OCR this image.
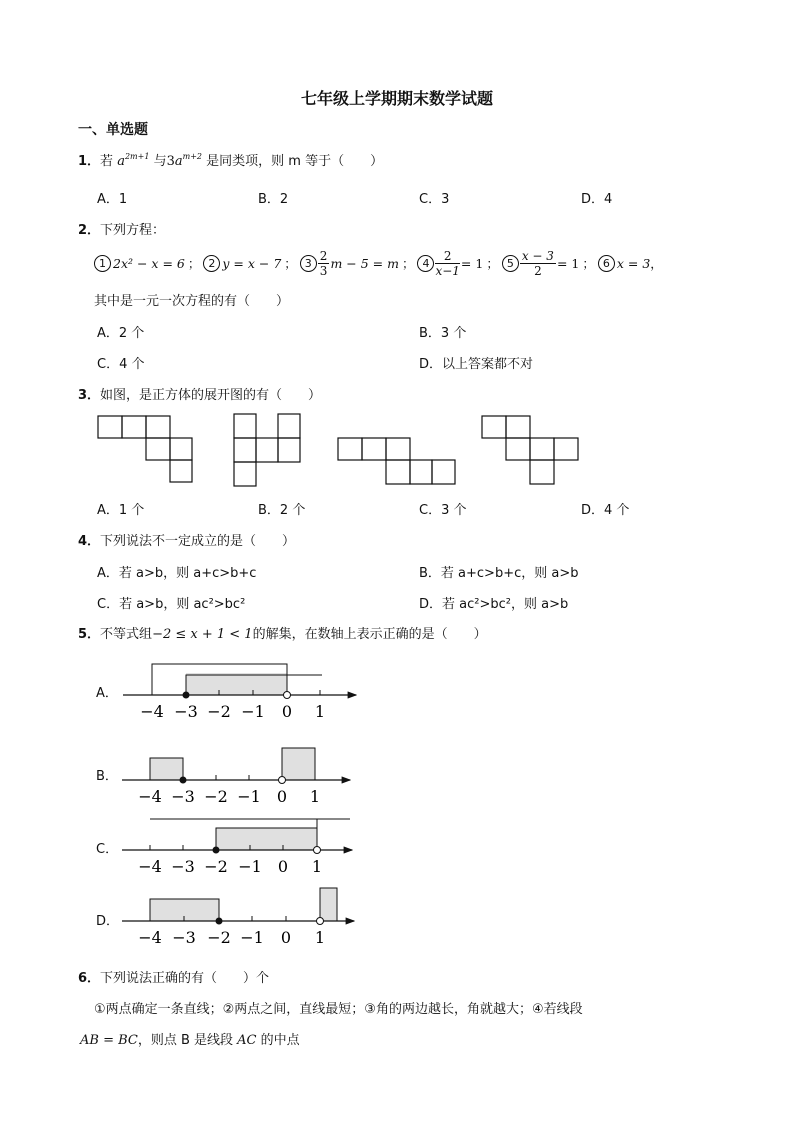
七年级上学期期末数学试题
一、单选题
1．若 $a^{2m+1}$ 与$3a^{m+2}$ 是同类项，则 m 等于（　　）
A．1	B．2	C．3	D．4
2．下列方程：
1 2x² − x = 6 ； 2 y = x − 7 ； $3 \frac{2}{3}$ m − 5 = m ； $4 \frac{2}{x-1} = 1$ ； $5 \frac{x - 3}{2} = 1$ ； 6 x = 3 ，
其中是一元一次方程的有（　　）
A．2 个	B．3 个
C．4 个	D．以上答案都不对
3．如图，是正方体的展开图的有（　　）
A．1 个	B．2 个	C．3 个	D．4 个
4．下列说法不一定成立的是（　　）
A．若 a>b，则 a+c>b+c	B．若 a+c>b+c，则 a>b
C．若 a>b，则 ac²>bc²	D．若 ac²>bc²，则 a>b
5．不等式组−2 ≤ x + 1 < 1的解集，在数轴上表示正确的是（　　）
A．
B．
C．
D．
−4 −3 −2 −1 0 1
−4 −3 −2 −1 0 1
−4 −3 −2 −1 0 1
−4 −3 −2 −1 0 1
6．下列说法正确的有（　　）个
①两点确定一条直线；②两点之间，直线最短；③角的两边越长，角就越大；④若线段
AB = BC，则点 B 是线段 AC 的中点
